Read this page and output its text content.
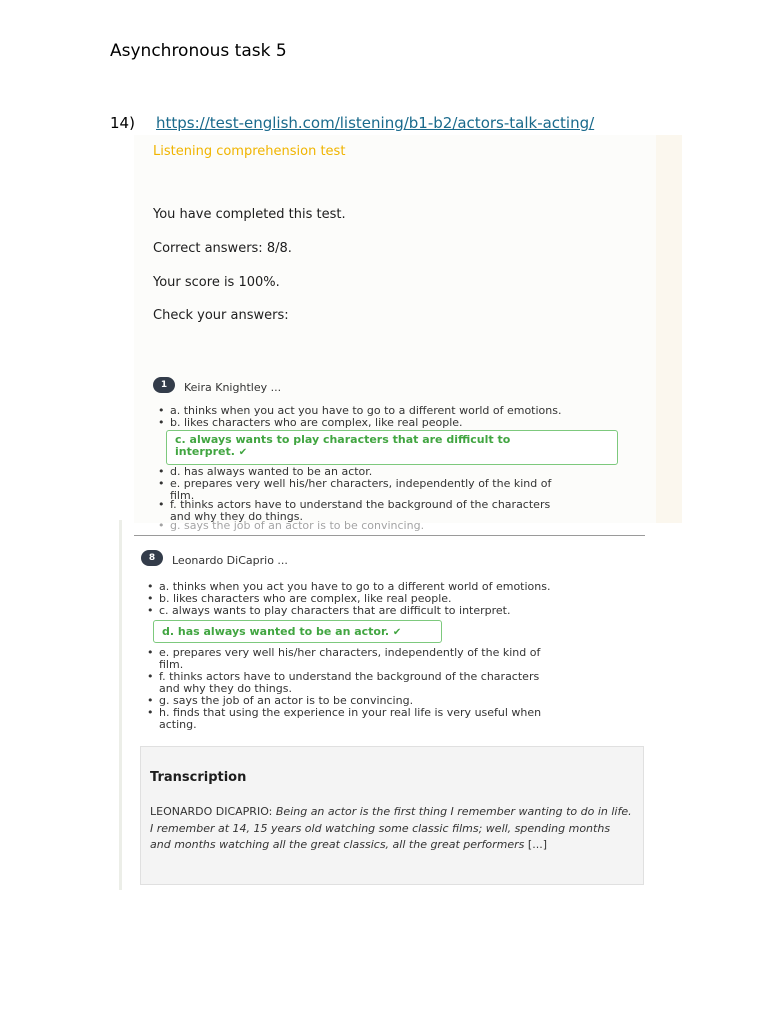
Asynchronous task 5
14) https://test-english.com/listening/b1-b2/actors-talk-acting/
Listening comprehension test
You have completed this test.
Correct answers: 8/8.
Your score is 100%.
Check your answers:
1	Keira Knightley ...
• a. thinks when you act you have to go to a different world of emotions.
• b. likes characters who are complex, like real people.
c. always wants to play characters that are difficult to
interpret. ✔
• d. has always wanted to be an actor.
• e. prepares very well his/her characters, independently of the kind of
film.
• f. thinks actors have to understand the background of the characters
and why they do things.
• g. says the job of an actor is to be convincing.
8	Leonardo DiCaprio ...
• a. thinks when you act you have to go to a different world of emotions.
• b. likes characters who are complex, like real people.
• c. always wants to play characters that are difficult to interpret.
d. has always wanted to be an actor. ✔
• e. prepares very well his/her characters, independently of the kind of
film.
• f. thinks actors have to understand the background of the characters
and why they do things.
• g. says the job of an actor is to be convincing.
• h. finds that using the experience in your real life is very useful when
acting.
Transcription
LEONARDO DICAPRIO: Being an actor is the first thing I remember wanting to do in life. I remember at 14, 15 years old watching some classic films; well, spending months and months watching all the great classics, all the great performers [...]
